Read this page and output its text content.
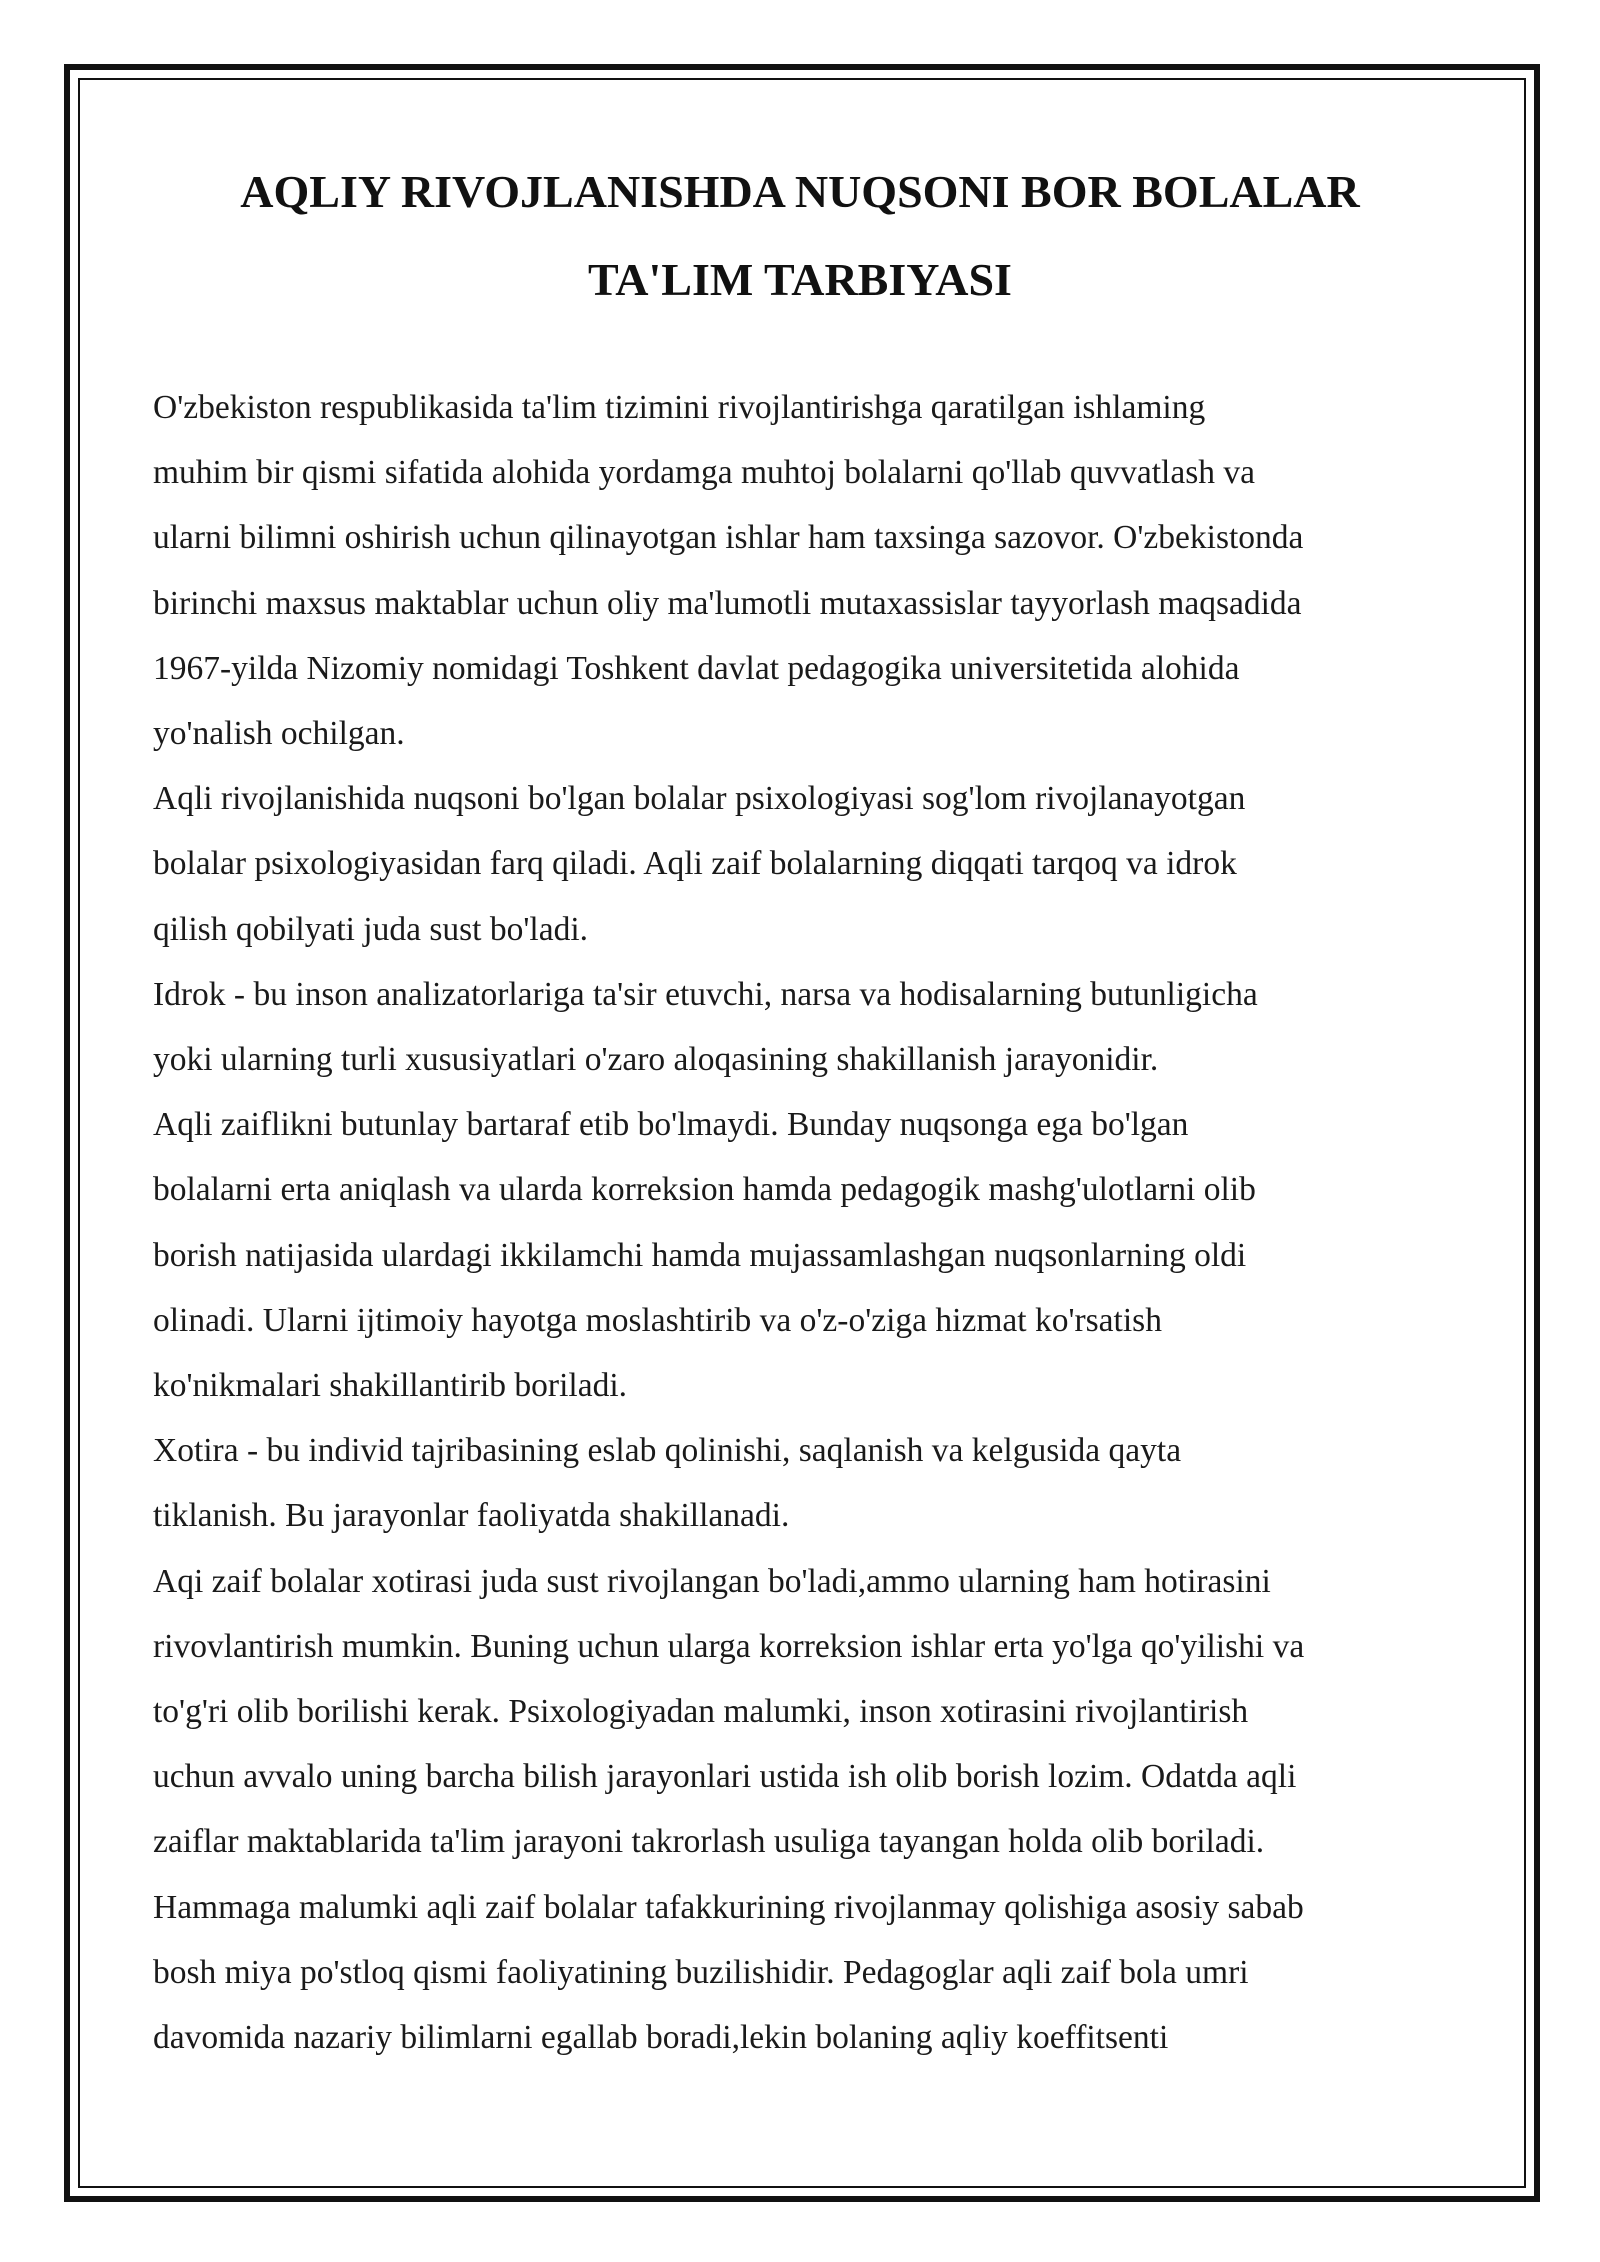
AQLIY RIVOJLANISHDA NUQSONI BOR BOLALAR
TA'LIM TARBIYASI
O'zbekiston respublikasida ta'lim tizimini rivojlantirishga qaratilgan ishlaming
muhim bir qismi sifatida alohida yordamga muhtoj bolalarni qo'llab quvvatlash va
ularni bilimni oshirish uchun qilinayotgan ishlar ham taxsinga sazovor. O'zbekistonda
birinchi maxsus maktablar uchun oliy ma'lumotli mutaxassislar tayyorlash maqsadida
1967-yilda Nizomiy nomidagi Toshkent davlat pedagogika universitetida alohida
yo'nalish ochilgan.
Aqli rivojlanishida nuqsoni bo'lgan bolalar psixologiyasi sog'lom rivojlanayotgan
bolalar psixologiyasidan farq qiladi. Aqli zaif bolalarning diqqati tarqoq va idrok
qilish qobilyati juda sust bo'ladi.
Idrok - bu inson analizatorlariga ta'sir etuvchi, narsa va hodisalarning butunligicha
yoki ularning turli xususiyatlari o'zaro aloqasining shakillanish jarayonidir.
Aqli zaiflikni butunlay bartaraf etib bo'lmaydi. Bunday nuqsonga ega bo'lgan
bolalarni erta aniqlash va ularda korreksion hamda pedagogik mashg'ulotlarni olib
borish natijasida ulardagi ikkilamchi hamda mujassamlashgan nuqsonlarning oldi
olinadi. Ularni ijtimoiy hayotga moslashtirib va o'z-o'ziga hizmat ko'rsatish
ko'nikmalari shakillantirib boriladi.
Xotira - bu individ tajribasining eslab qolinishi, saqlanish va kelgusida qayta
tiklanish. Bu jarayonlar faoliyatda shakillanadi.
Aqi zaif bolalar xotirasi juda sust rivojlangan bo'ladi,ammo ularning ham hotirasini
rivovlantirish mumkin. Buning uchun ularga korreksion ishlar erta yo'lga qo'yilishi va
to'g'ri olib borilishi kerak. Psixologiyadan malumki, inson xotirasini rivojlantirish
uchun avvalo uning barcha bilish jarayonlari ustida ish olib borish lozim. Odatda aqli
zaiflar maktablarida ta'lim jarayoni takrorlash usuliga tayangan holda olib boriladi.
Hammaga malumki aqli zaif bolalar tafakkurining rivojlanmay qolishiga asosiy sabab
bosh miya po'stloq qismi faoliyatining buzilishidir. Pedagoglar aqli zaif bola umri
davomida nazariy bilimlarni egallab boradi,lekin bolaning aqliy koeffitsenti
